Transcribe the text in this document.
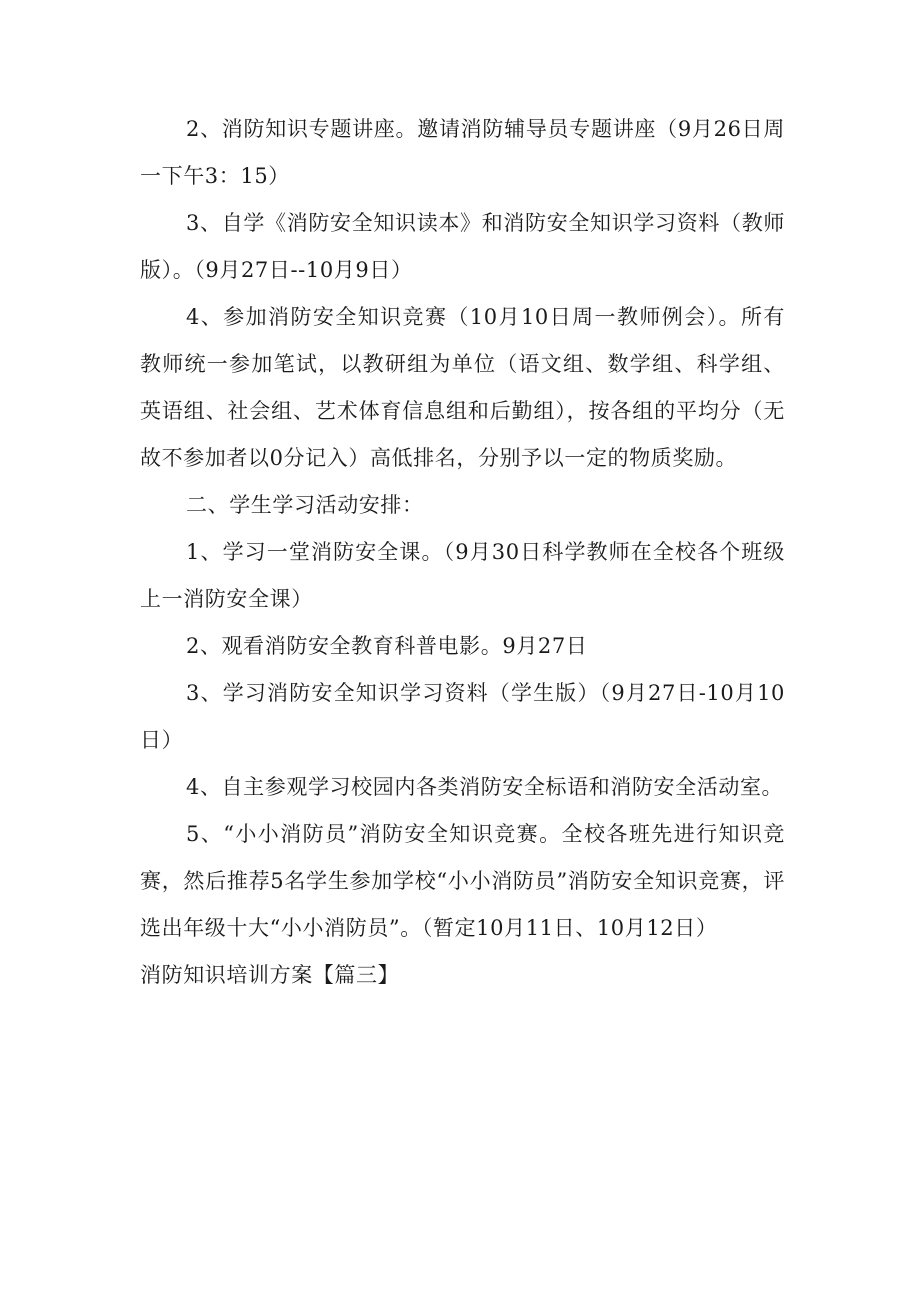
2、消防知识专题讲座。邀请消防辅导员专题讲座（9月26日周一下午3：15）

3、自学《消防安全知识读本》和消防安全知识学习资料（教师版）。（9月27日--10月9日）

4、参加消防安全知识竞赛（10月10日周一教师例会）。所有教师统一参加笔试，以教研组为单位（语文组、数学组、科学组、英语组、社会组、艺术体育信息组和后勤组），按各组的平均分（无故不参加者以0分记入）高低排名，分别予以一定的物质奖励。

二、学生学习活动安排：

1、学习一堂消防安全课。（9月30日科学教师在全校各个班级上一消防安全课）

2、观看消防安全教育科普电影。9月27日

3、学习消防安全知识学习资料（学生版）（9月27日-10月10日）

4、自主参观学习校园内各类消防安全标语和消防安全活动室。

5、“小小消防员”消防安全知识竞赛。全校各班先进行知识竞赛，然后推荐5名学生参加学校“小小消防员”消防安全知识竞赛，评选出年级十大“小小消防员”。（暂定10月11日、10月12日）

消防知识培训方案【篇三】
